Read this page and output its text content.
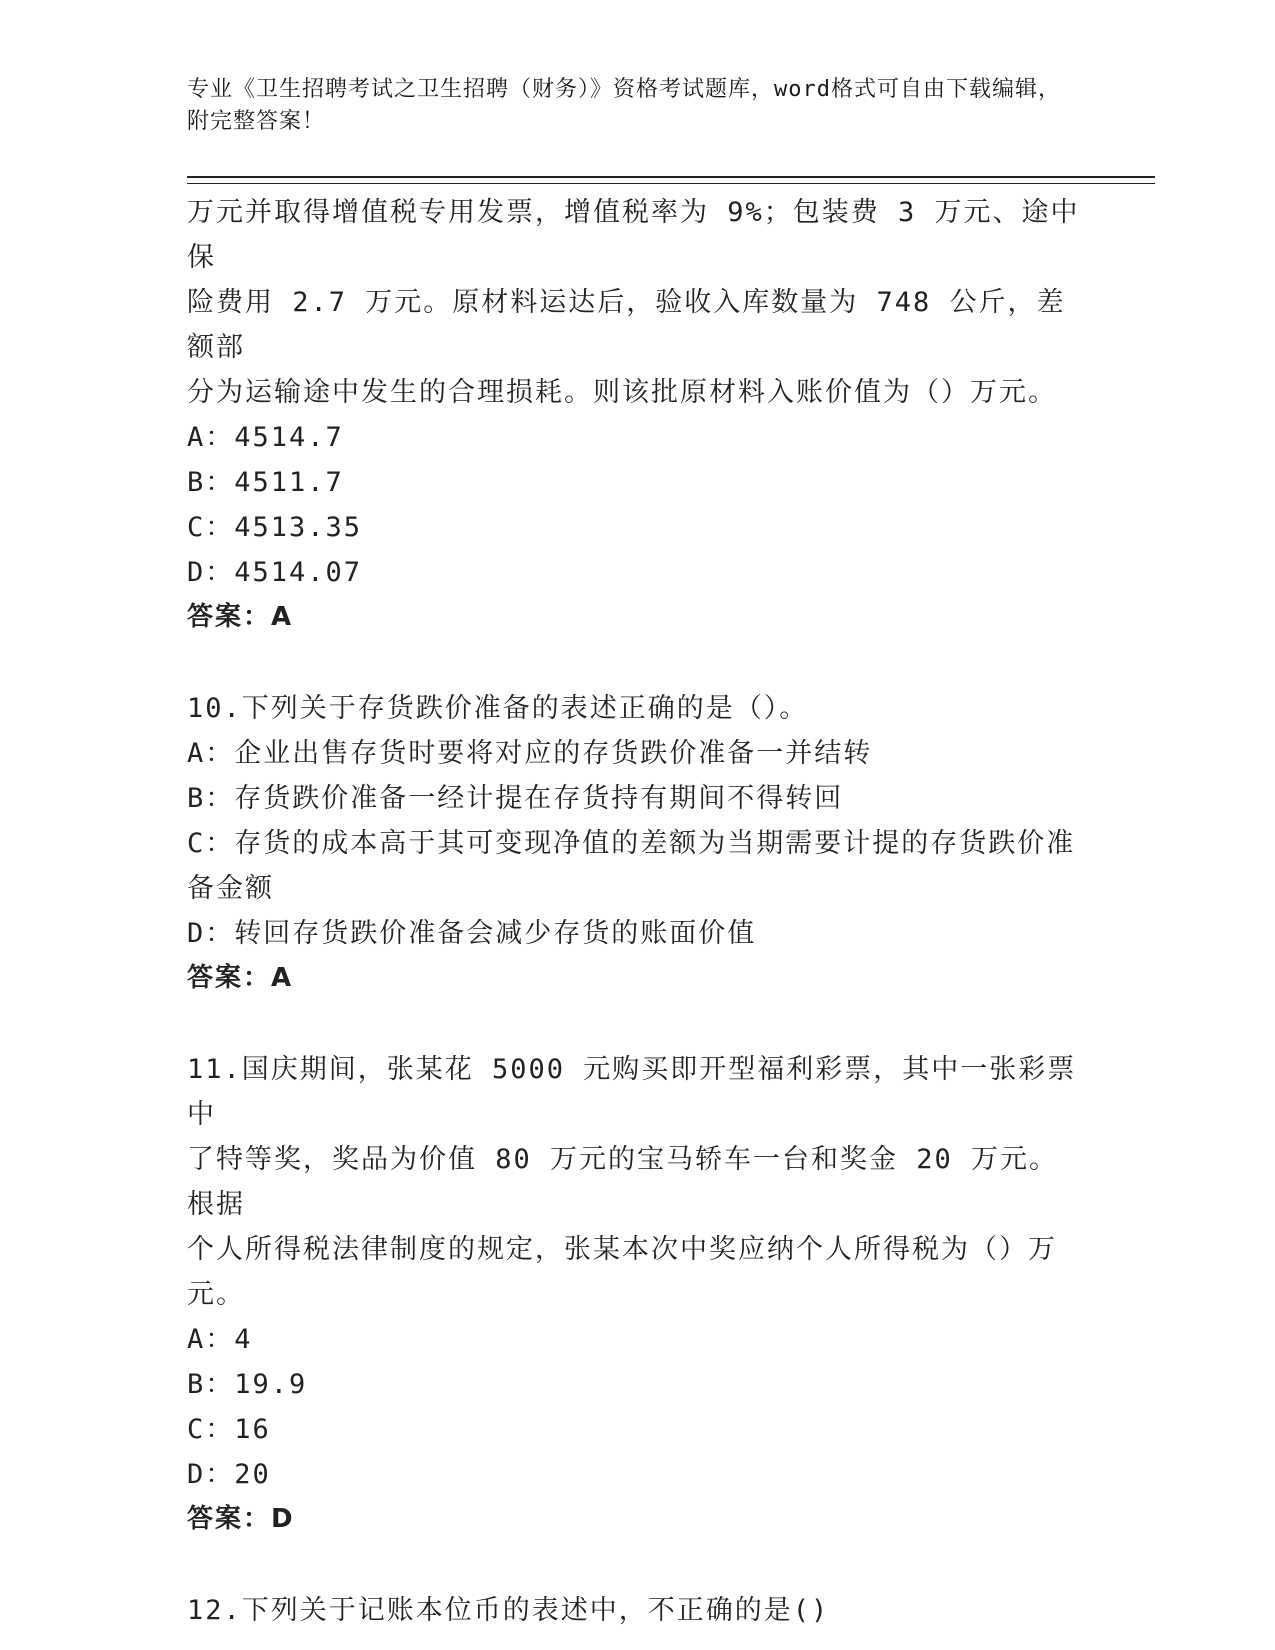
专业《卫生招聘考试之卫生招聘（财务）》资格考试题库，word格式可自由下载编辑，附完整答案！

万元并取得增值税专用发票，增值税率为 9%；包装费 3 万元、途中保

险费用 2.7 万元。原材料运达后，验收入库数量为 748 公斤，差额部

分为运输途中发生的合理损耗。则该批原材料入账价值为（）万元。

A：4514.7

B：4511.7

C：4513.35

D：4514.07

答案：A

10.下列关于存货跌价准备的表述正确的是（）。

A：企业出售存货时要将对应的存货跌价准备一并结转

B：存货跌价准备一经计提在存货持有期间不得转回

C：存货的成本高于其可变现净值的差额为当期需要计提的存货跌价准备金额

D：转回存货跌价准备会减少存货的账面价值

答案：A

11.国庆期间，张某花 5000 元购买即开型福利彩票，其中一张彩票中

了特等奖，奖品为价值 80 万元的宝马轿车一台和奖金 20 万元。根据

个人所得税法律制度的规定，张某本次中奖应纳个人所得税为（）万

元。

A：4

B：19.9

C：16

D：20

答案：D

12.下列关于记账本位币的表述中，不正确的是()
